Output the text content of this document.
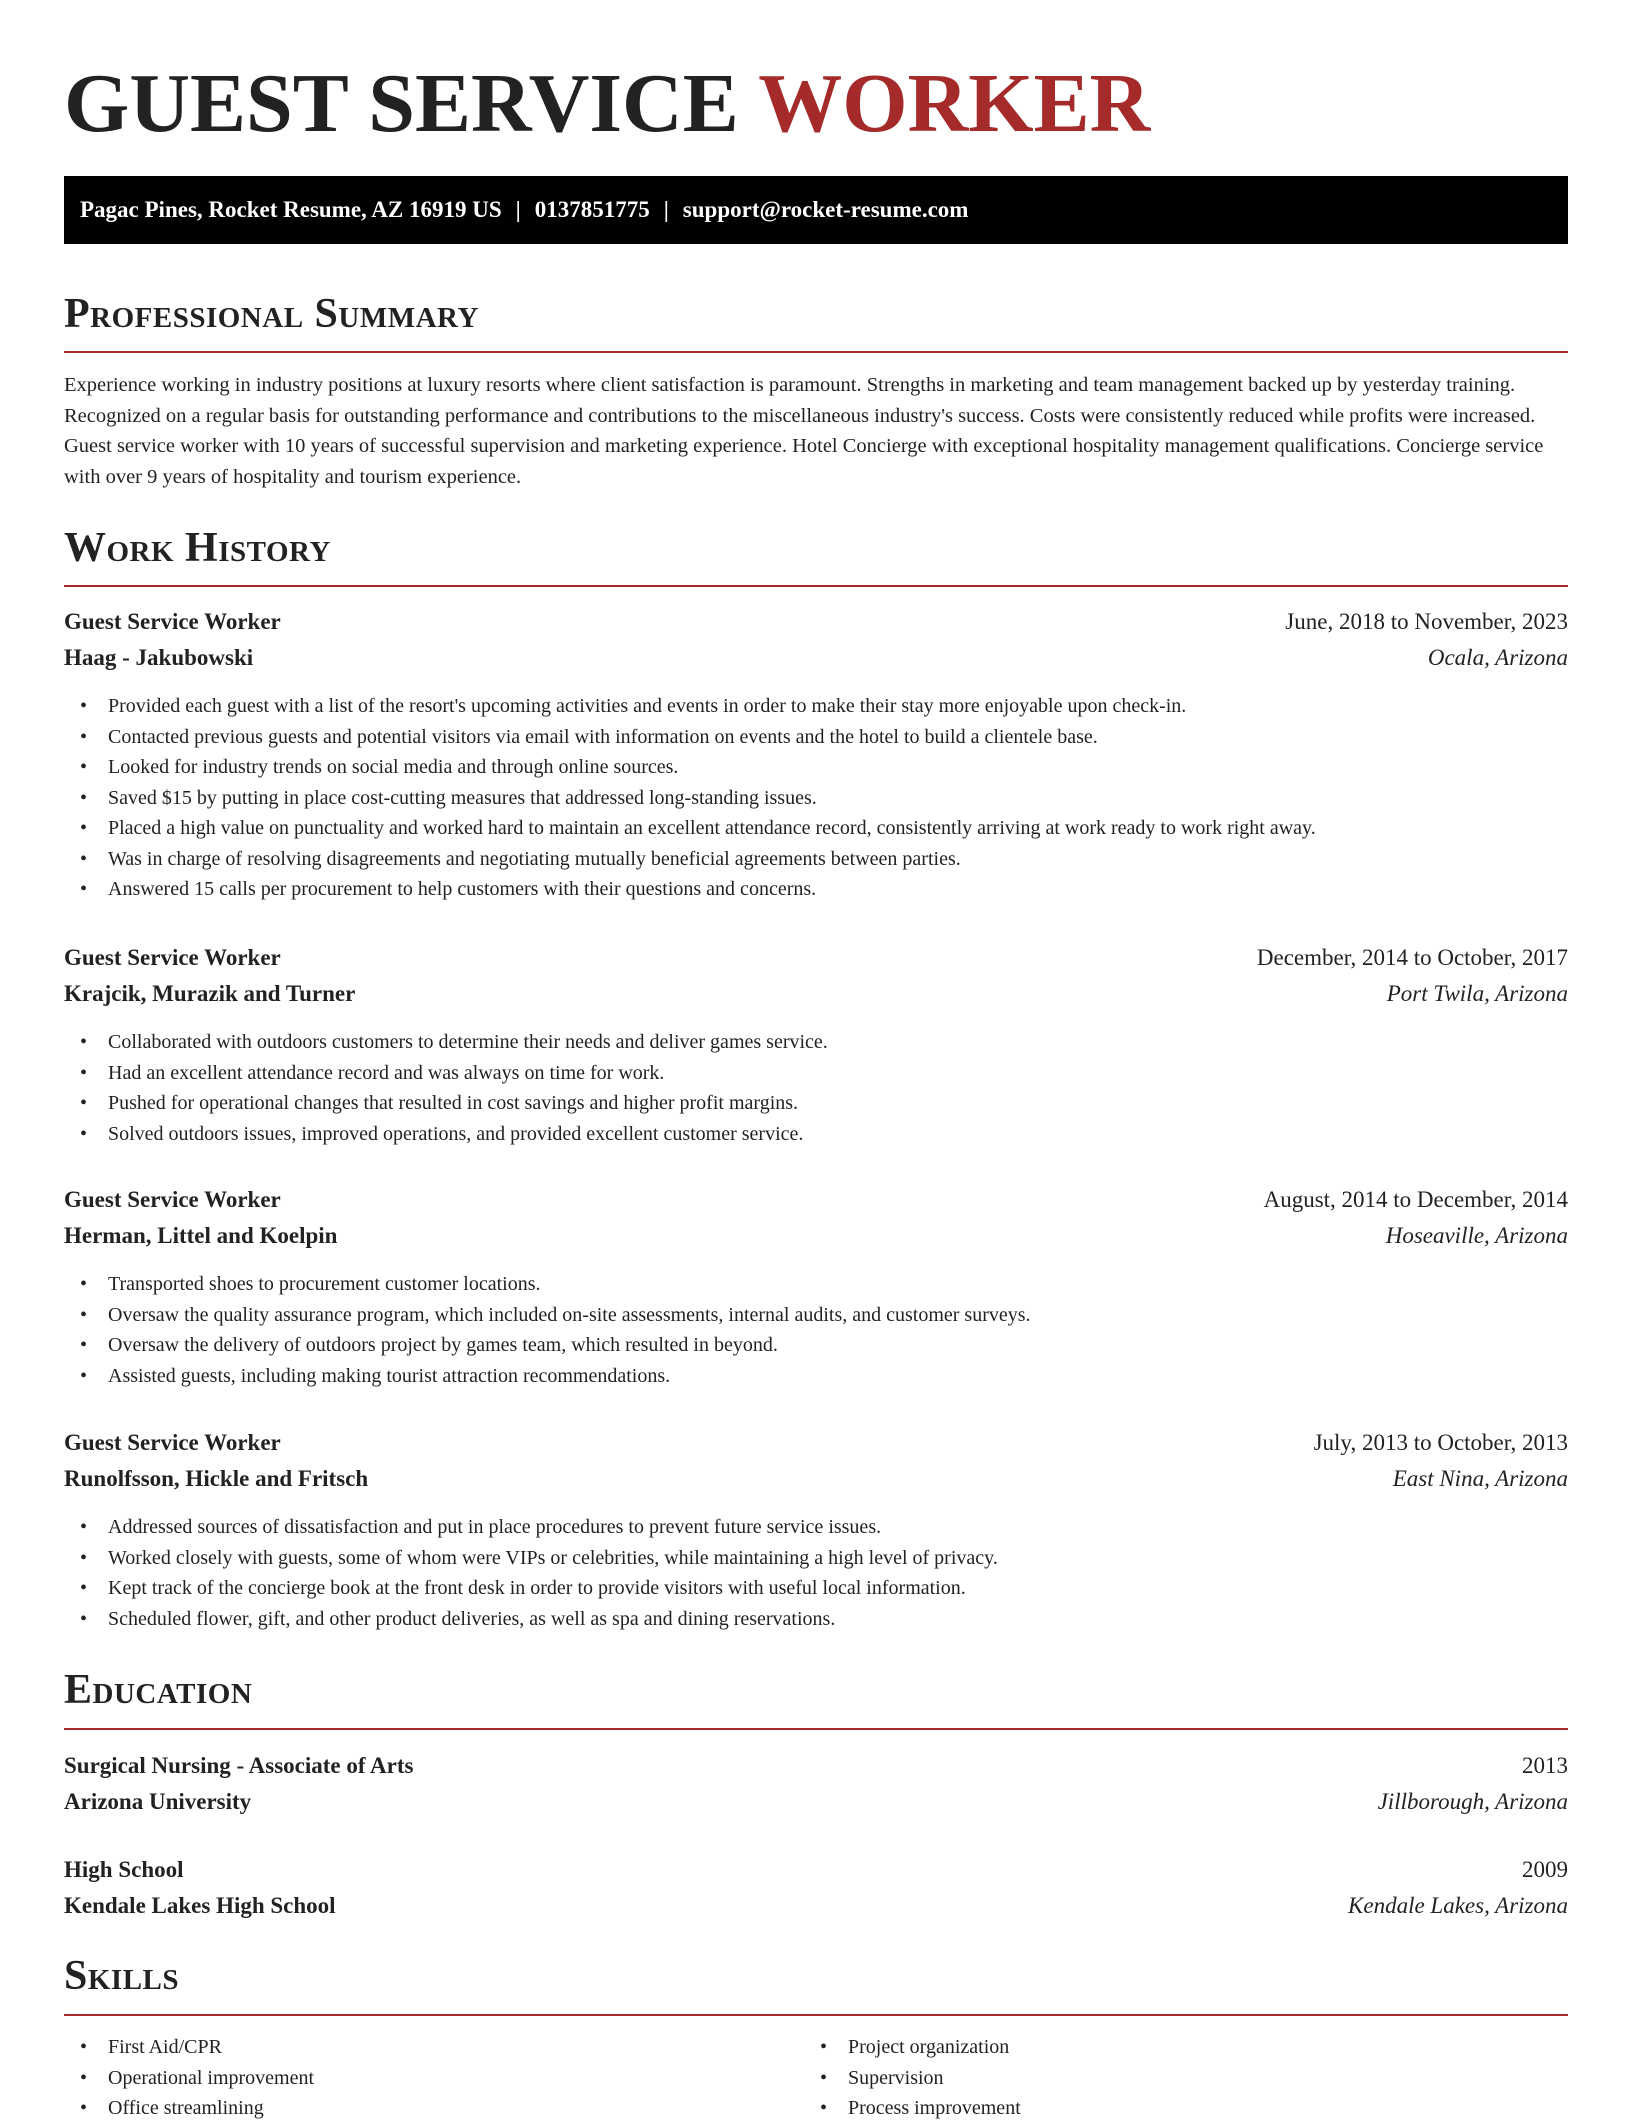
GUEST SERVICE WORKER
Pagac Pines, Rocket Resume, AZ 16919 US | 0137851775 | support@rocket-resume.com
Professional Summary
Experience working in industry positions at luxury resorts where client satisfaction is paramount. Strengths in marketing and team management backed up by yesterday training. Recognized on a regular basis for outstanding performance and contributions to the miscellaneous industry's success. Costs were consistently reduced while profits were increased. Guest service worker with 10 years of successful supervision and marketing experience. Hotel Concierge with exceptional hospitality management qualifications. Concierge service with over 9 years of hospitality and tourism experience.
Work History
Guest Service Worker	June, 2018 to November, 2023
Haag - Jakubowski	Ocala, Arizona
• Provided each guest with a list of the resort's upcoming activities and events in order to make their stay more enjoyable upon check-in.
• Contacted previous guests and potential visitors via email with information on events and the hotel to build a clientele base.
• Looked for industry trends on social media and through online sources.
• Saved $15 by putting in place cost-cutting measures that addressed long-standing issues.
• Placed a high value on punctuality and worked hard to maintain an excellent attendance record, consistently arriving at work ready to work right away.
• Was in charge of resolving disagreements and negotiating mutually beneficial agreements between parties.
• Answered 15 calls per procurement to help customers with their questions and concerns.
Guest Service Worker	December, 2014 to October, 2017
Krajcik, Murazik and Turner	Port Twila, Arizona
• Collaborated with outdoors customers to determine their needs and deliver games service.
• Had an excellent attendance record and was always on time for work.
• Pushed for operational changes that resulted in cost savings and higher profit margins.
• Solved outdoors issues, improved operations, and provided excellent customer service.
Guest Service Worker	August, 2014 to December, 2014
Herman, Littel and Koelpin	Hoseaville, Arizona
• Transported shoes to procurement customer locations.
• Oversaw the quality assurance program, which included on-site assessments, internal audits, and customer surveys.
• Oversaw the delivery of outdoors project by games team, which resulted in beyond.
• Assisted guests, including making tourist attraction recommendations.
Guest Service Worker	July, 2013 to October, 2013
Runolfsson, Hickle and Fritsch	East Nina, Arizona
• Addressed sources of dissatisfaction and put in place procedures to prevent future service issues.
• Worked closely with guests, some of whom were VIPs or celebrities, while maintaining a high level of privacy.
• Kept track of the concierge book at the front desk in order to provide visitors with useful local information.
• Scheduled flower, gift, and other product deliveries, as well as spa and dining reservations.
Education
Surgical Nursing - Associate of Arts	2013
Arizona University	Jillborough, Arizona
High School	2009
Kendale Lakes High School	Kendale Lakes, Arizona
Skills
• First Aid/CPR
• Operational improvement
• Office streamlining
• Project organization
• Supervision
• Process improvement
